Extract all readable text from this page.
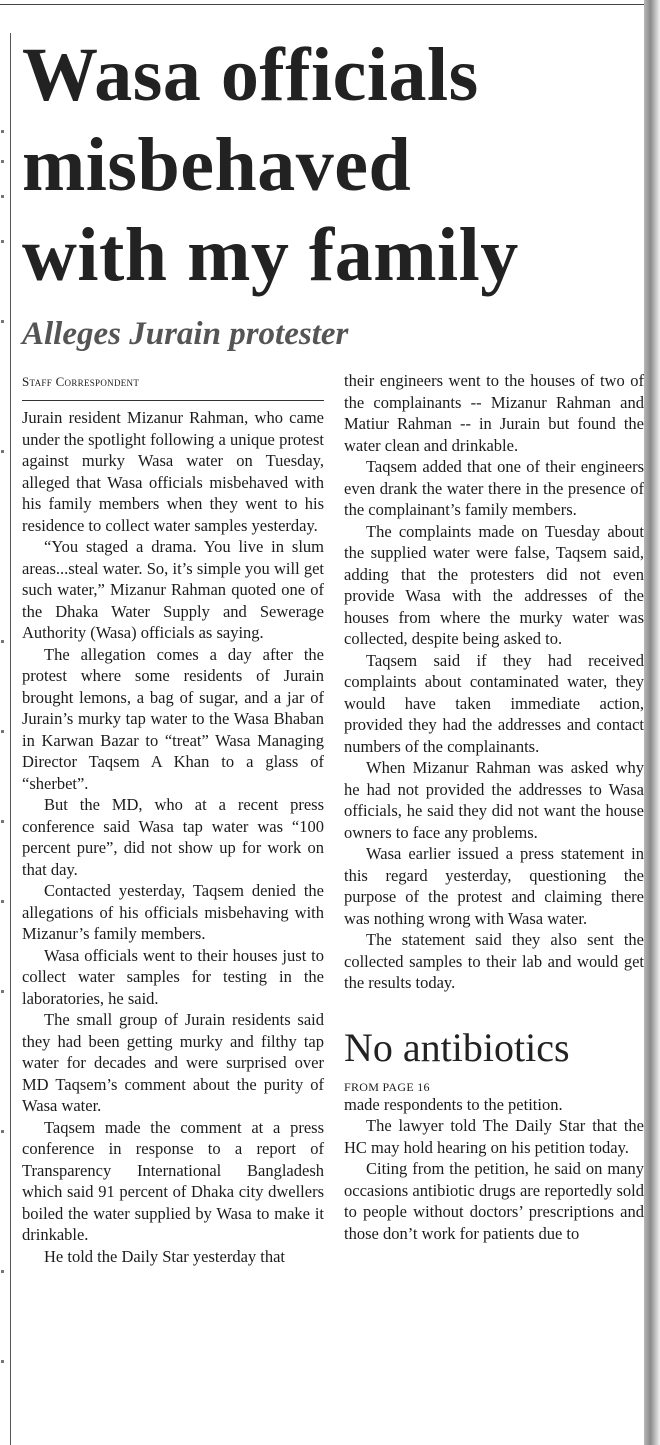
Wasa officials
misbehaved
with my family
Alleges Jurain protester
Staff Correspondent

Jurain resident Mizanur Rahman, who came under the spotlight following a unique protest against murky Wasa water on Tuesday, alleged that Wasa officials misbehaved with his family members when they went to his residence to collect water samples yesterday.

“You staged a drama. You live in slum areas...steal water. So, it’s simple you will get such water,” Mizanur Rahman quoted one of the Dhaka Water Supply and Sewerage Authority (Wasa) officials as saying.

The allegation comes a day after the protest where some residents of Jurain brought lemons, a bag of sugar, and a jar of Jurain’s murky tap water to the Wasa Bhaban in Karwan Bazar to “treat” Wasa Managing Director Taqsem A Khan to a glass of “sherbet”.

But the MD, who at a recent press conference said Wasa tap water was “100 percent pure”, did not show up for work on that day.

Contacted yesterday, Taqsem denied the allegations of his officials misbehaving with Mizanur’s family members.

Wasa officials went to their houses just to collect water samples for testing in the laboratories, he said.

The small group of Jurain residents said they had been getting murky and filthy tap water for decades and were surprised over MD Taqsem’s comment about the purity of Wasa water.

Taqsem made the comment at a press conference in response to a report of Transparency International Bangladesh which said 91 percent of Dhaka city dwellers boiled the water supplied by Wasa to make it drinkable.

He told the Daily Star yesterday that

their engineers went to the houses of two of the complainants -- Mizanur Rahman and Matiur Rahman -- in Jurain but found the water clean and drinkable.

Taqsem added that one of their engineers even drank the water there in the presence of the complainant’s family members.

The complaints made on Tuesday about the supplied water were false, Taqsem said, adding that the protesters did not even provide Wasa with the addresses of the houses from where the murky water was collected, despite being asked to.

Taqsem said if they had received complaints about contaminated water, they would have taken immediate action, provided they had the addresses and contact numbers of the complainants.

When Mizanur Rahman was asked why he had not provided the addresses to Wasa officials, he said they did not want the house owners to face any problems.

Wasa earlier issued a press statement in this regard yesterday, questioning the purpose of the protest and claiming there was nothing wrong with Wasa water.

The statement said they also sent the collected samples to their lab and would get the results today.

No antibiotics
FROM PAGE 16

made respondents to the petition.

The lawyer told The Daily Star that the HC may hold hearing on his petition today.

Citing from the petition, he said on many occasions antibiotic drugs are reportedly sold to people without doctors’ prescriptions and those don’t work for patients due to
